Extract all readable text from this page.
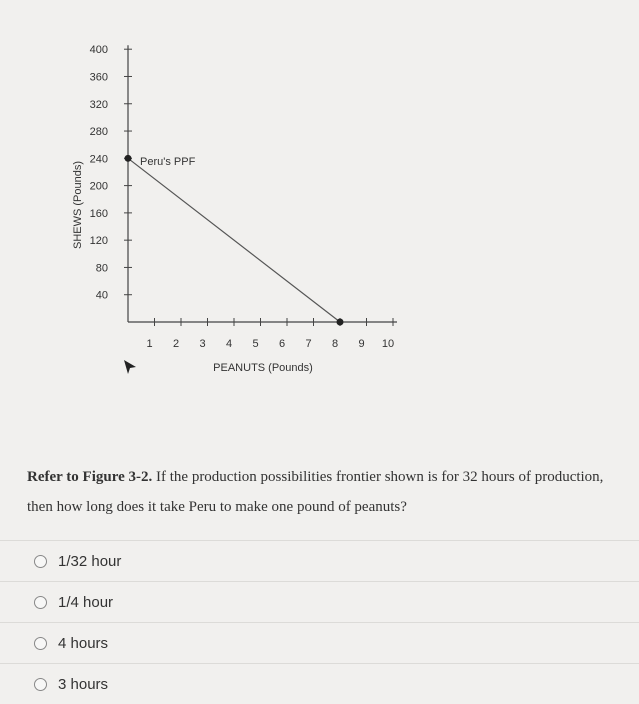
40
80
120
160
200
240
280
320
360
400
1 2 3 4 5 6 7 8 9 10
SHEWS (Pounds)
PEANUTS (Pounds)
Peru's PPF
Refer to Figure 3-2. If the production possibilities frontier shown is for 32 hours of production,
then how long does it take Peru to make one pound of peanuts?
1/32 hour
1/4 hour
4 hours
3 hours
